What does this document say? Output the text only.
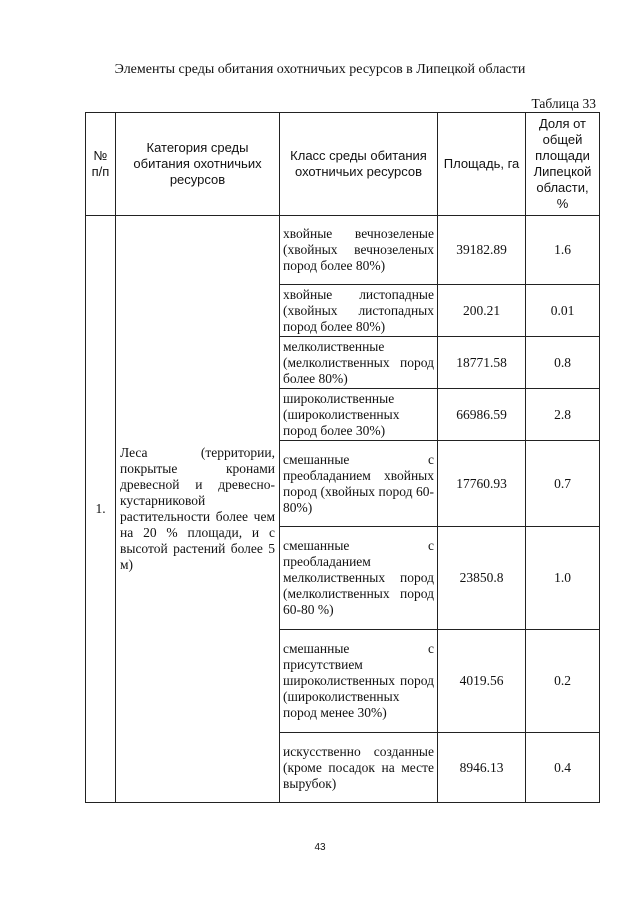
Элементы среды обитания охотничьих ресурсов в Липецкой области
Таблица 33
№ п/п	Категория среды обитания охотничьих ресурсов	Класс среды обитания охотничьих ресурсов	Площадь, га	Доля от общей площади Липецкой области, %
1.	Леса (территории, покрытые кронами древесной и древесно-кустарниковой растительности более чем на 20 % площади, и с высотой растений более 5 м)	хвойные вечнозеленые (хвойных вечнозеленых пород более 80%)	39182.89	1.6
		хвойные листопадные (хвойных листопадных пород более 80%)	200.21	0.01
		мелколиственные (мелколиственных пород более 80%)	18771.58	0.8
		широколиственные (широколиственных пород более 30%)	66986.59	2.8
		смешанные с преобладанием хвойных пород (хвойных пород 60-80%)	17760.93	0.7
		смешанные с преобладанием мелколиственных пород (мелколиственных пород 60-80 %)	23850.8	1.0
		смешанные с присутствием широколиственных пород (широколиственных пород менее 30%)	4019.56	0.2
		искусственно созданные (кроме посадок на месте вырубок)	8946.13	0.4
43
